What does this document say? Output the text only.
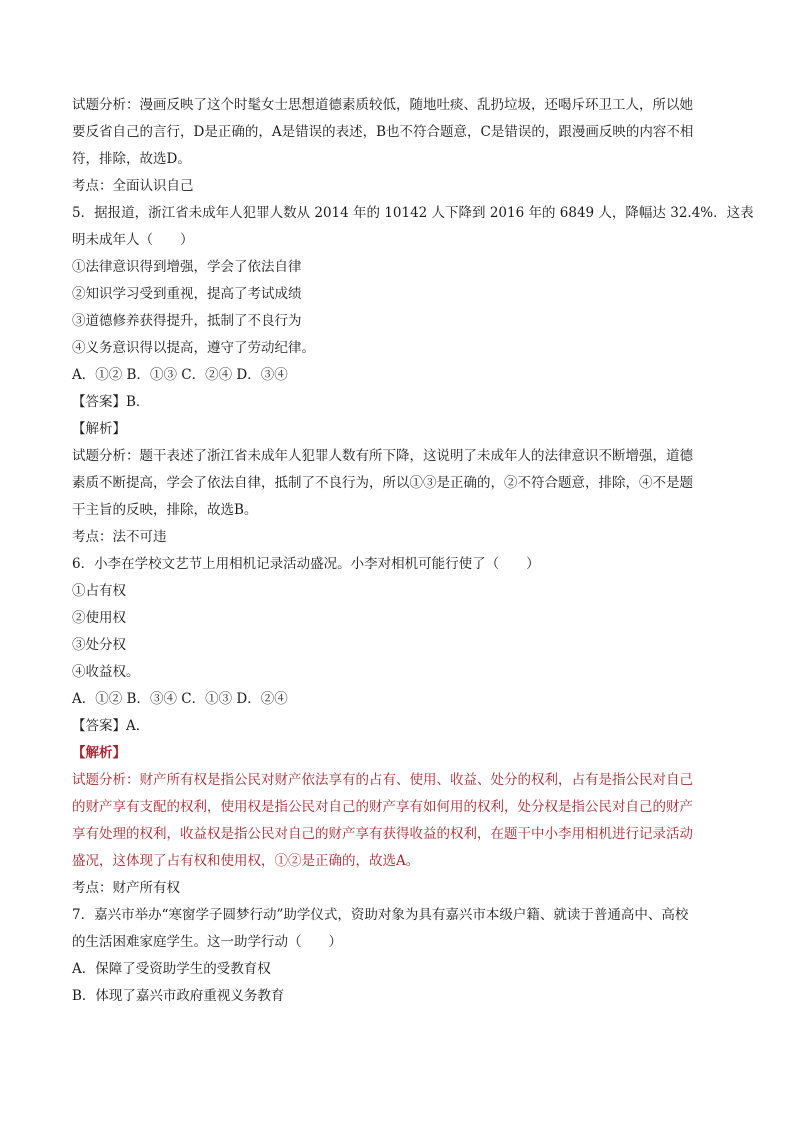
试题分析：漫画反映了这个时髦女士思想道德素质较低，随地吐痰、乱扔垃圾，还喝斥环卫工人，所以她

要反省自己的言行，D是正确的，A是错误的表述，B也不符合题意，C是错误的，跟漫画反映的内容不相

符，排除，故选D。

考点：全面认识自己

5．据报道，浙江省未成年人犯罪人数从 2014 年的 10142 人下降到 2016 年的 6849 人，降幅达 32.4%．这表

明未成年人（　　）

①法律意识得到增强，学会了依法自律

②知识学习受到重视，提高了考试成绩

③道德修养获得提升，抵制了不良行为

④义务意识得以提高，遵守了劳动纪律。

A．①② B．①③ C．②④ D．③④

【答案】B．

【解析】

试题分析：题干表述了浙江省未成年人犯罪人数有所下降，这说明了未成年人的法律意识不断增强，道德

素质不断提高，学会了依法自律，抵制了不良行为，所以①③是正确的，②不符合题意，排除，④不是题

干主旨的反映，排除，故选B。

考点：法不可违

6．小李在学校文艺节上用相机记录活动盛况。小李对相机可能行使了（　　）

①占有权

②使用权

③处分权

④收益权。

A．①② B．③④ C．①③ D．②④

【答案】A．

【解析】

试题分析：财产所有权是指公民对财产依法享有的占有、使用、收益、处分的权利，占有是指公民对自己

的财产享有支配的权利，使用权是指公民对自己的财产享有如何用的权利，处分权是指公民对自己的财产

享有处理的权利，收益权是指公民对自己的财产享有获得收益的权利，在题干中小李用相机进行记录活动

盛况，这体现了占有权和使用权，①②是正确的，故选A。

考点：财产所有权

7．嘉兴市举办“寒窗学子圆梦行动”助学仪式，资助对象为具有嘉兴市本级户籍、就读于普通高中、高校

的生活困难家庭学生。这一助学行动（　　）

A．保障了受资助学生的受教育权

B．体现了嘉兴市政府重视义务教育
